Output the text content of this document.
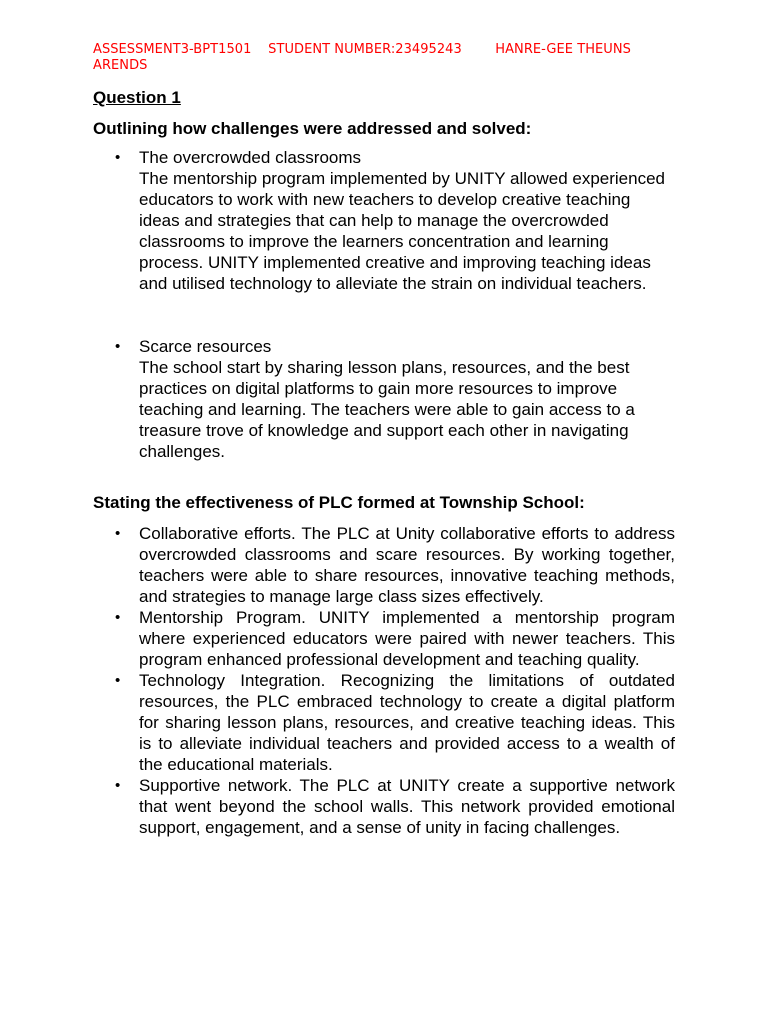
ASSESSMENT3-BPT1501    STUDENT NUMBER:23495243        HANRE-GEE THEUNS ARENDS

Question 1
Outlining how challenges were addressed and solved:
• The overcrowded classrooms
The mentorship program implemented by UNITY allowed experienced educators to work with new teachers to develop creative teaching ideas and strategies that can help to manage the overcrowded classrooms to improve the learners concentration and learning process. UNITY implemented creative and improving teaching ideas and utilised technology to alleviate the strain on individual teachers.
• Scarce resources
The school start by sharing lesson plans, resources, and the best practices on digital platforms to gain more resources to improve teaching and learning. The teachers were able to gain access to a treasure trove of knowledge and support each other in navigating challenges.
Stating the effectiveness of PLC formed at Township School:
• Collaborative efforts. The PLC at Unity collaborative efforts to address overcrowded classrooms and scare resources. By working together, teachers were able to share resources, innovative teaching methods, and strategies to manage large class sizes effectively.
• Mentorship Program. UNITY implemented a mentorship program where experienced educators were paired with newer teachers. This program enhanced professional development and teaching quality.
• Technology Integration. Recognizing the limitations of outdated resources, the PLC embraced technology to create a digital platform for sharing lesson plans, resources, and creative teaching ideas. This is to alleviate individual teachers and provided access to a wealth of the educational materials.
• Supportive network. The PLC at UNITY create a supportive network that went beyond the school walls. This network provided emotional support, engagement, and a sense of unity in facing challenges.
